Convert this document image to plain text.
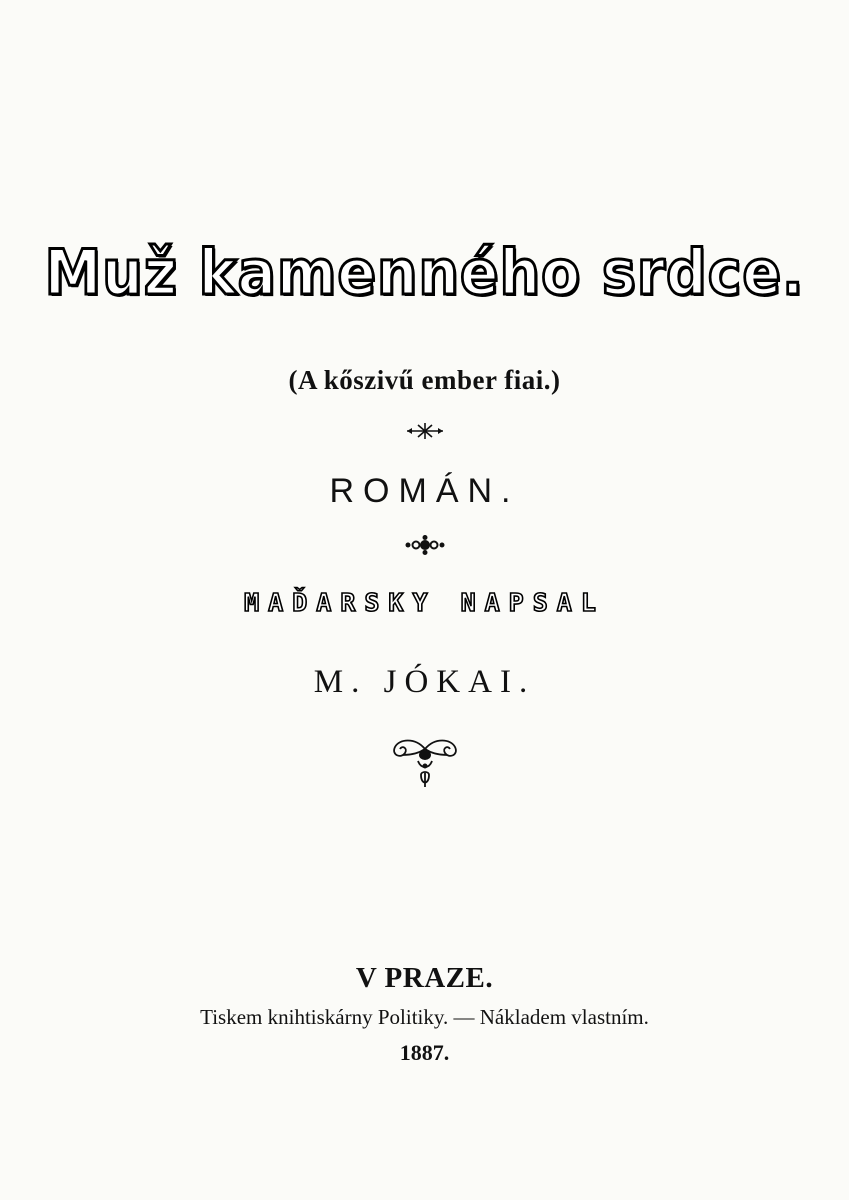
Muž kamenného srdce.
(A kőszivű ember fiai.)
ROMÁN.
MAĎARSKY NAPSAL
M. JÓKAI.
V PRAZE.
Tiskem knihtiskárny Politiky. — Nákladem vlastním.
1887.
